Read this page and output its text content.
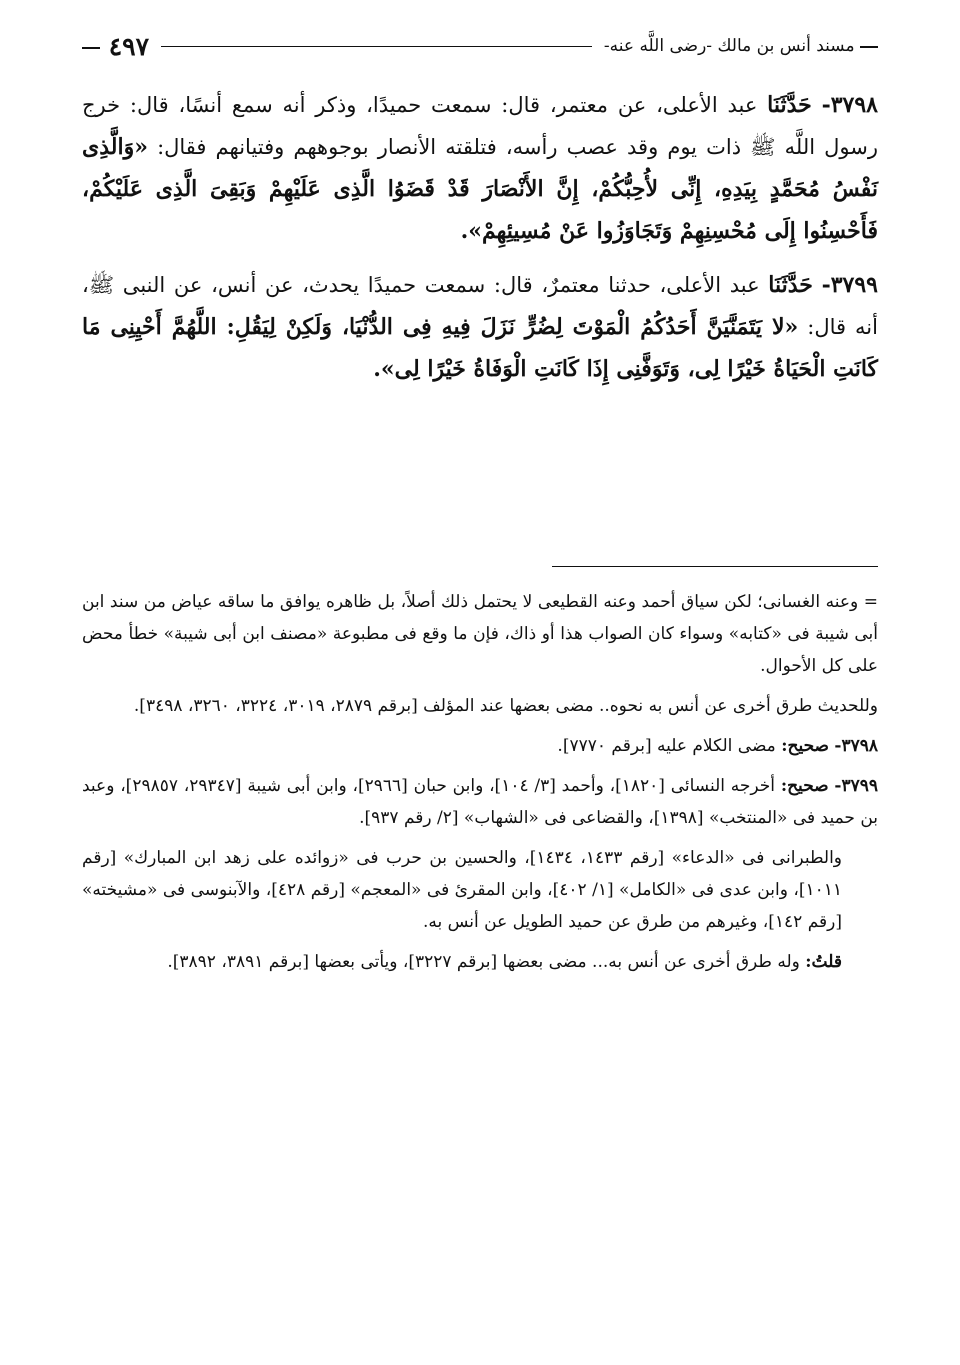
مسند أنس بن مالك -رضى اللَّه عنه-
٤٩٧

٣٧٩٨- حَدَّثَنَا عبد الأعلى، عن معتمر، قال: سمعت حميدًا، وذكر أنه سمع أنسًا، قال: خرج رسول اللَّه ﷺ ذات يوم وقد عصب رأسه، فتلقته الأنصار بوجوههم وفتيانهم فقال: «وَالَّذِى نَفْسُ مُحَمَّدٍ بِيَدِهِ، إِنِّى لأُحِبُّكُمْ، إِنَّ الأَنْصَارَ قَدْ قَضَوُا الَّذِى عَلَيْهِمْ وَبَقِىَ الَّذِى عَلَيْكُمْ، فَأَحْسِنُوا إِلَى مُحْسِنِهِمْ وَتَجَاوَزُوا عَنْ مُسِيئِهِمْ».

٣٧٩٩- حَدَّثَنَا عبد الأعلى، حدثنا معتمرٌ، قال: سمعت حميدًا يحدث، عن أنس، عن النبى ﷺ، أنه قال: «لا يَتَمَنَّيَنَّ أَحَدُكُمُ الْمَوْتَ لِضُرٍّ نَزَلَ فِيهِ فِى الدُّنْيَا، وَلَكِنْ لِيَقُلِ: اللَّهُمَّ أَحْيِنِى مَا كَانَتِ الْحَيَاةُ خَيْرًا لِى، وَتَوَفَّنِى إِذَا كَانَتِ الْوَفَاةُ خَيْرًا لِى».

= وعنه الغسانى؛ لكن سياق أحمد وعنه القطيعى لا يحتمل ذلك أصلاً، بل ظاهره يوافق ما ساقه عياض من سند ابن أبى شيبة فى «كتابه» وسواء كان الصواب هذا أو ذاك، فإن ما وقع فى مطبوعة «مصنف ابن أبى شيبة» خطأ محض على كل الأحوال.

وللحديث طرق أخرى عن أنس به نحوه.. مضى بعضها عند المؤلف [برقم ٢٨٧٩، ٣٠١٩، ٣٢٢٤، ٣٢٦٠، ٣٤٩٨].

٣٧٩٨- صحيح: مضى الكلام عليه [برقم ٧٧٧٠].

٣٧٩٩- صحيح: أخرجه النسائى [١٨٢٠]، وأحمد [٣/ ١٠٤]، وابن حبان [٢٩٦٦]، وابن أبى شيبة [٢٩٣٤٧، ٢٩٨٥٧]، وعبد بن حميد فى «المنتخب» [١٣٩٨]، والقضاعى فى «الشهاب» [٢/ رقم ٩٣٧].

والطبرانى فى «الدعاء» [رقم ١٤٣٣، ١٤٣٤]، والحسين بن حرب فى «زوائده على زهد ابن المبارك» [رقم ١٠١١]، وابن عدى فى «الكامل» [١/ ٤٠٢]، وابن المقرئ فى «المعجم» [رقم ٤٢٨]، والآبنوسى فى «مشيخته» [رقم ١٤٢]، وغيرهم من طرق عن حميد الطويل عن أنس به.

قلتُ: وله طرق أخرى عن أنس به... مضى بعضها [برقم ٣٢٢٧]، ويأتى بعضها [برقم ٣٨٩١، ٣٨٩٢].
